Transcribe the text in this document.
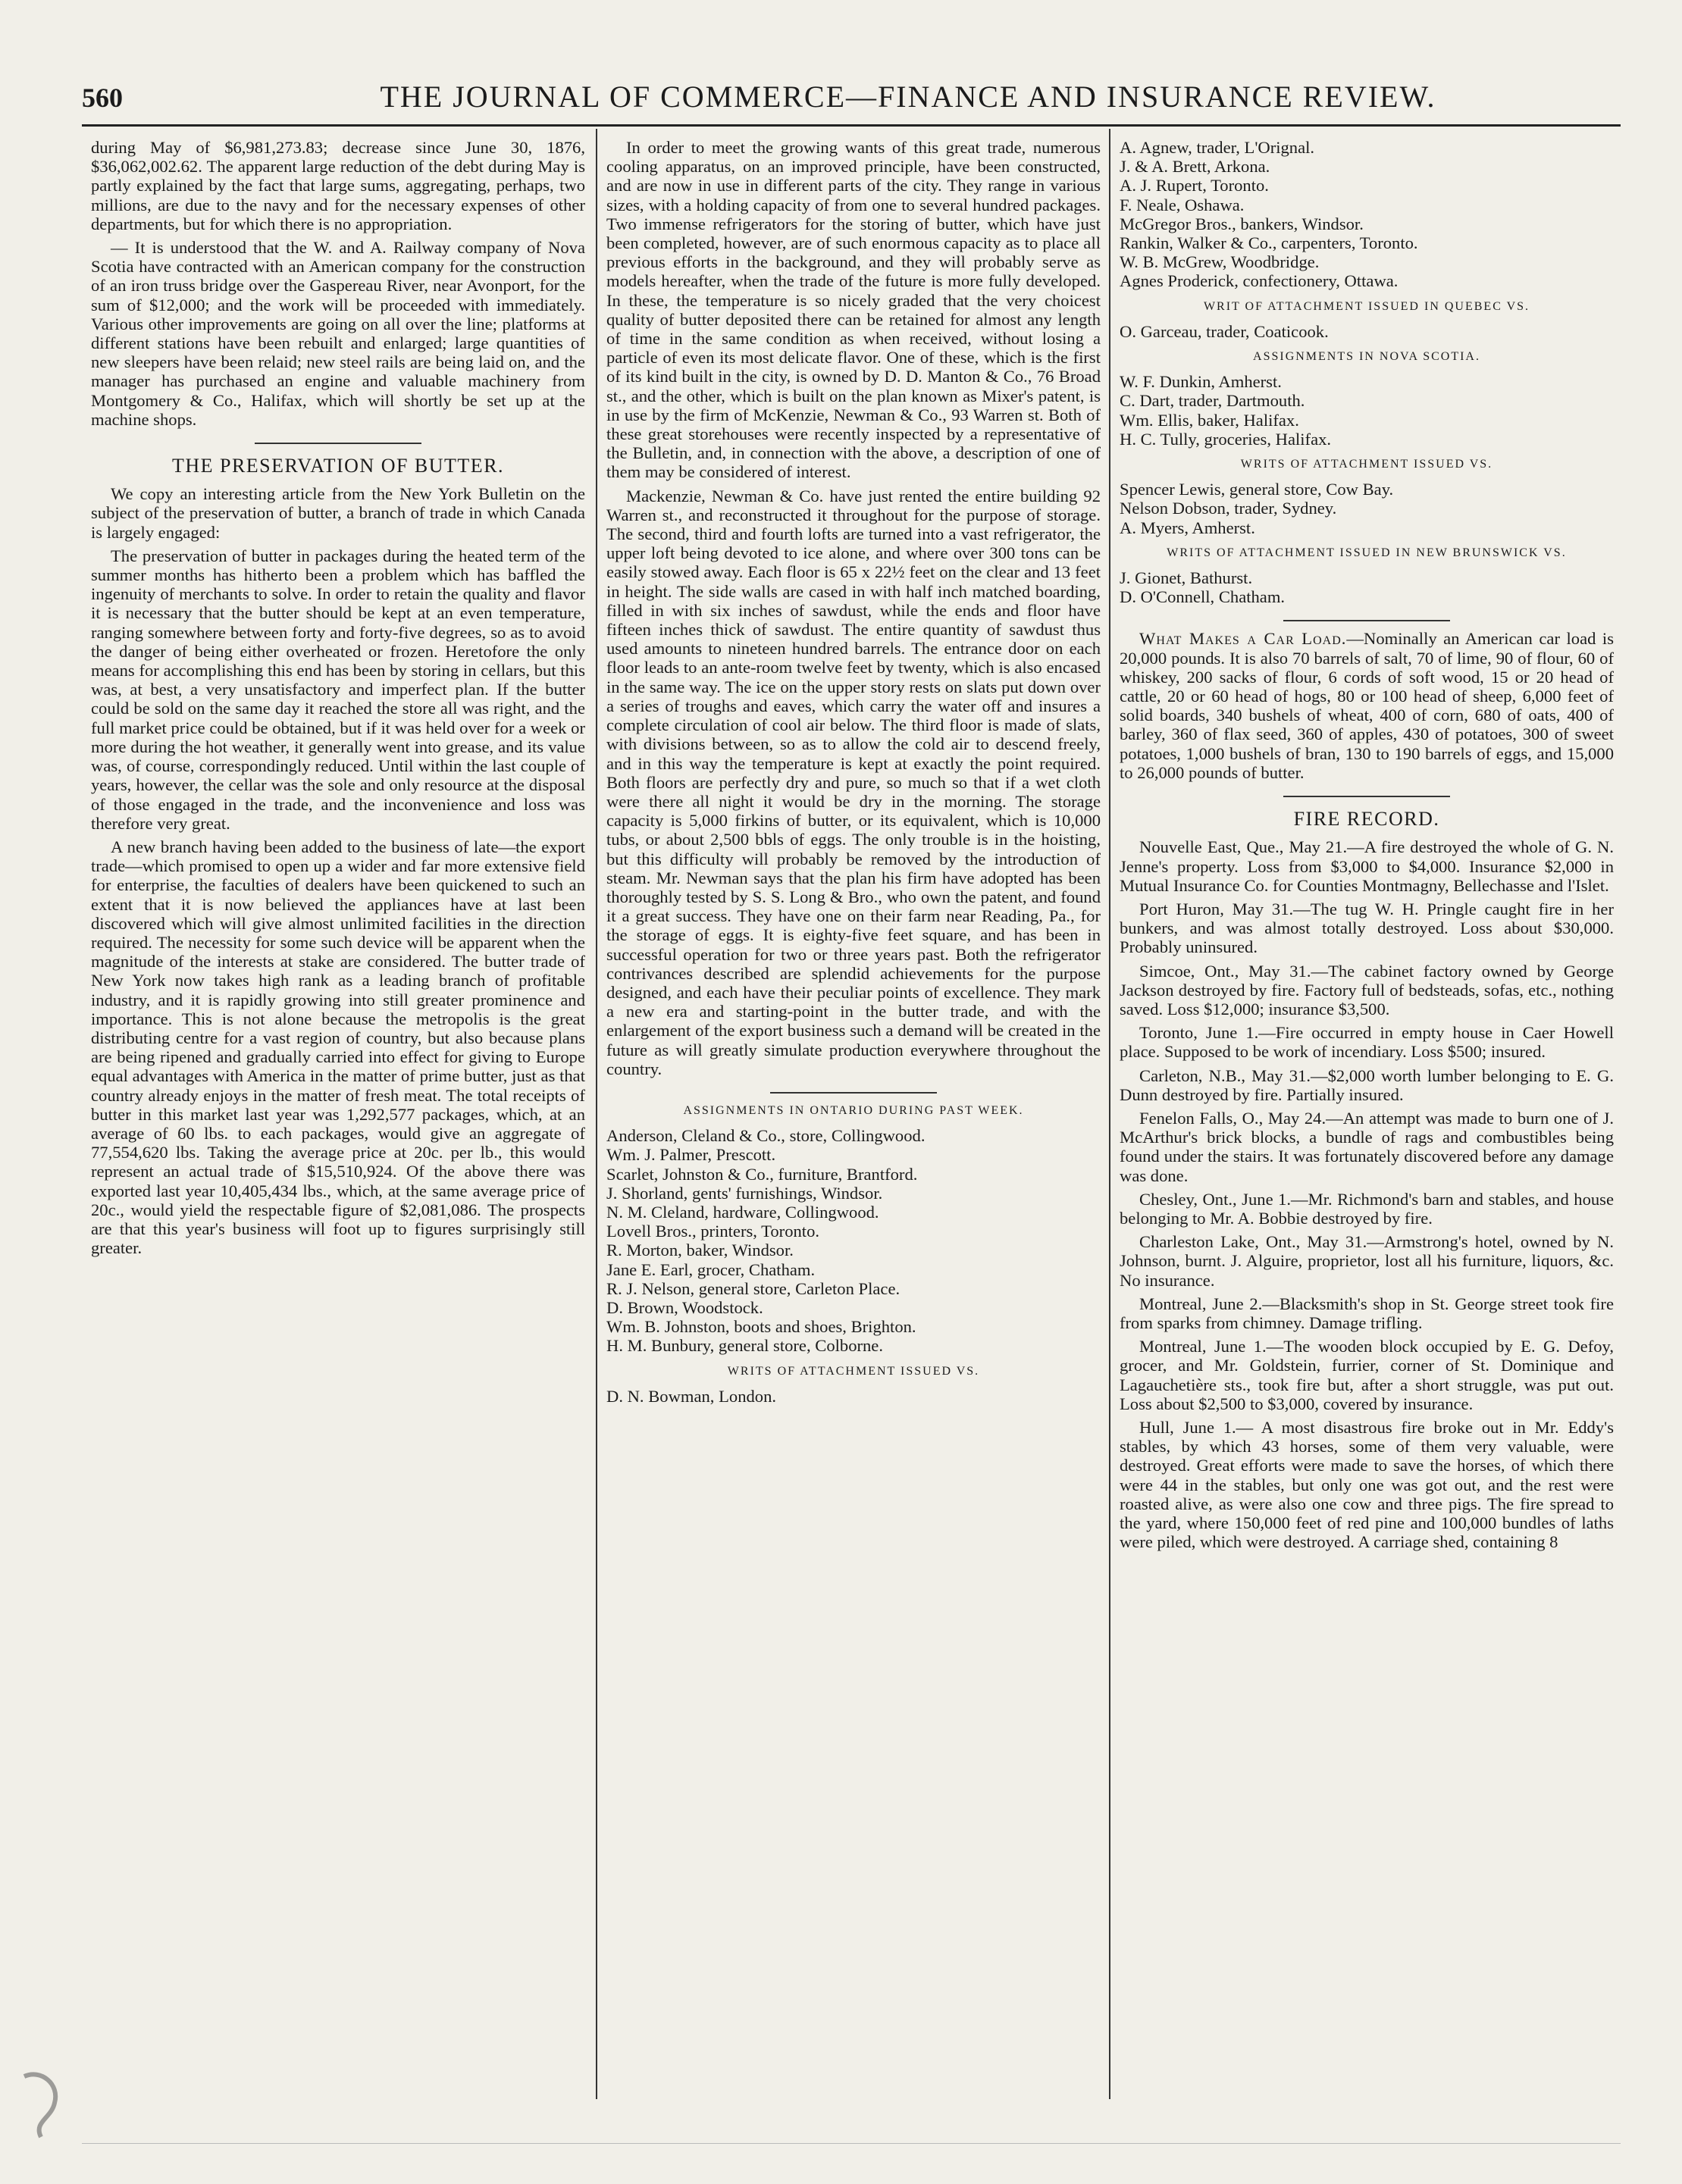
560	THE JOURNAL OF COMMERCE—FINANCE AND INSURANCE REVIEW.

during May of $6,981,273.83; decrease since June 30, 1876, $36,062,002.62. The apparent large reduction of the debt during May is partly explained by the fact that large sums, aggregating, perhaps, two millions, are due to the navy and for the necessary expenses of other departments, but for which there is no appropriation.

— It is understood that the W. and A. Railway company of Nova Scotia have contracted with an American company for the construction of an iron truss bridge over the Gaspereau River, near Avonport, for the sum of $12,000; and the work will be proceeded with immediately. Various other improvements are going on all over the line; platforms at different stations have been rebuilt and enlarged; large quantities of new sleepers have been relaid; new steel rails are being laid on, and the manager has purchased an engine and valuable machinery from Montgomery & Co., Halifax, which will shortly be set up at the machine shops.

THE PRESERVATION OF BUTTER.

We copy an interesting article from the New York Bulletin on the subject of the preservation of butter, a branch of trade in which Canada is largely engaged:

The preservation of butter in packages during the heated term of the summer months has hitherto been a problem which has baffled the ingenuity of merchants to solve. In order to retain the quality and flavor it is necessary that the butter should be kept at an even temperature, ranging somewhere between forty and forty-five degrees, so as to avoid the danger of being either overheated or frozen. Heretofore the only means for accomplishing this end has been by storing in cellars, but this was, at best, a very unsatisfactory and imperfect plan. If the butter could be sold on the same day it reached the store all was right, and the full market price could be obtained, but if it was held over for a week or more during the hot weather, it generally went into grease, and its value was, of course, correspondingly reduced. Until within the last couple of years, however, the cellar was the sole and only resource at the disposal of those engaged in the trade, and the inconvenience and loss was therefore very great.

A new branch having been added to the business of late—the export trade—which promised to open up a wider and far more extensive field for enterprise, the faculties of dealers have been quickened to such an extent that it is now believed the appliances have at last been discovered which will give almost unlimited facilities in the direction required. The necessity for some such device will be apparent when the magnitude of the interests at stake are considered. The butter trade of New York now takes high rank as a leading branch of profitable industry, and it is rapidly growing into still greater prominence and importance. This is not alone because the metropolis is the great distributing centre for a vast region of country, but also because plans are being ripened and gradually carried into effect for giving to Europe equal advantages with America in the matter of prime butter, just as that country already enjoys in the matter of fresh meat. The total receipts of butter in this market last year was 1,292,577 packages, which, at an average of 60 lbs. to each packages, would give an aggregate of 77,554,620 lbs. Taking the average price at 20c. per lb., this would represent an actual trade of $15,510,924. Of the above there was exported last year 10,405,434 lbs., which, at the same average price of 20c., would yield the respectable figure of $2,081,086. The prospects are that this year's business will foot up to figures surprisingly still greater.

In order to meet the growing wants of this great trade, numerous cooling apparatus, on an improved principle, have been constructed, and are now in use in different parts of the city. They range in various sizes, with a holding capacity of from one to several hundred packages. Two immense refrigerators for the storing of butter, which have just been completed, however, are of such enormous capacity as to place all previous efforts in the background, and they will probably serve as models hereafter, when the trade of the future is more fully developed. In these, the temperature is so nicely graded that the very choicest quality of butter deposited there can be retained for almost any length of time in the same condition as when received, without losing a particle of even its most delicate flavor. One of these, which is the first of its kind built in the city, is owned by D. D. Manton & Co., 76 Broad st., and the other, which is built on the plan known as Mixer's patent, is in use by the firm of McKenzie, Newman & Co., 93 Warren st. Both of these great storehouses were recently inspected by a representative of the Bulletin, and, in connection with the above, a description of one of them may be considered of interest.

Mackenzie, Newman & Co. have just rented the entire building 92 Warren st., and reconstructed it throughout for the purpose of storage. The second, third and fourth lofts are turned into a vast refrigerator, the upper loft being devoted to ice alone, and where over 300 tons can be easily stowed away. Each floor is 65 x 22½ feet on the clear and 13 feet in height. The side walls are cased in with half inch matched boarding, filled in with six inches of sawdust, while the ends and floor have fifteen inches thick of sawdust. The entire quantity of sawdust thus used amounts to nineteen hundred barrels. The entrance door on each floor leads to an ante-room twelve feet by twenty, which is also encased in the same way. The ice on the upper story rests on slats put down over a series of troughs and eaves, which carry the water off and insures a complete circulation of cool air below. The third floor is made of slats, with divisions between, so as to allow the cold air to descend freely, and in this way the temperature is kept at exactly the point required. Both floors are perfectly dry and pure, so much so that if a wet cloth were there all night it would be dry in the morning. The storage capacity is 5,000 firkins of butter, or its equivalent, which is 10,000 tubs, or about 2,500 bbls of eggs. The only trouble is in the hoisting, but this difficulty will probably be removed by the introduction of steam. Mr. Newman says that the plan his firm have adopted has been thoroughly tested by S. S. Long & Bro., who own the patent, and found it a great success. They have one on their farm near Reading, Pa., for the storage of eggs. It is eighty-five feet square, and has been in successful operation for two or three years past. Both the refrigerator contrivances described are splendid achievements for the purpose designed, and each have their peculiar points of excellence. They mark a new era and starting-point in the butter trade, and with the enlargement of the export business such a demand will be created in the future as will greatly simulate production everywhere throughout the country.

ASSIGNMENTS IN ONTARIO DURING PAST WEEK.
Anderson, Cleland & Co., store, Collingwood.
Wm. J. Palmer, Prescott.
Scarlet, Johnston & Co., furniture, Brantford.
J. Shorland, gents' furnishings, Windsor.
N. M. Cleland, hardware, Collingwood.
Lovell Bros., printers, Toronto.
R. Morton, baker, Windsor.
Jane E. Earl, grocer, Chatham.
R. J. Nelson, general store, Carleton Place.
D. Brown, Woodstock.
Wm. B. Johnston, boots and shoes, Brighton.
H. M. Bunbury, general store, Colborne.
WRITS OF ATTACHMENT ISSUED VS.
D. N. Bowman, London.
A. Agnew, trader, L'Orignal.
J. & A. Brett, Arkona.
A. J. Rupert, Toronto.
F. Neale, Oshawa.
McGregor Bros., bankers, Windsor.
Rankin, Walker & Co., carpenters, Toronto.
W. B. McGrew, Woodbridge.
Agnes Proderick, confectionery, Ottawa.
WRIT OF ATTACHMENT ISSUED IN QUEBEC VS.
O. Garceau, trader, Coaticook.
ASSIGNMENTS IN NOVA SCOTIA.
W. F. Dunkin, Amherst.
C. Dart, trader, Dartmouth.
Wm. Ellis, baker, Halifax.
H. C. Tully, groceries, Halifax.
WRITS OF ATTACHMENT ISSUED VS.
Spencer Lewis, general store, Cow Bay.
Nelson Dobson, trader, Sydney.
A. Myers, Amherst.
WRITS OF ATTACHMENT ISSUED IN NEW BRUNSWICK VS.
J. Gionet, Bathurst.
D. O'Connell, Chatham.

What Makes a Car Load.—Nominally an American car load is 20,000 pounds. It is also 70 barrels of salt, 70 of lime, 90 of flour, 60 of whiskey, 200 sacks of flour, 6 cords of soft wood, 15 or 20 head of cattle, 20 or 60 head of hogs, 80 or 100 head of sheep, 6,000 feet of solid boards, 340 bushels of wheat, 400 of corn, 680 of oats, 400 of barley, 360 of flax seed, 360 of apples, 430 of potatoes, 300 of sweet potatoes, 1,000 bushels of bran, 130 to 190 barrels of eggs, and 15,000 to 26,000 pounds of butter.

FIRE RECORD.

Nouvelle East, Que., May 21.—A fire destroyed the whole of G. N. Jenne's property. Loss from $3,000 to $4,000. Insurance $2,000 in Mutual Insurance Co. for Counties Montmagny, Bellechasse and l'Islet.

Port Huron, May 31.—The tug W. H. Pringle caught fire in her bunkers, and was almost totally destroyed. Loss about $30,000. Probably uninsured.

Simcoe, Ont., May 31.—The cabinet factory owned by George Jackson destroyed by fire. Factory full of bedsteads, sofas, etc., nothing saved. Loss $12,000; insurance $3,500.

Toronto, June 1.—Fire occurred in empty house in Caer Howell place. Supposed to be work of incendiary. Loss $500; insured.

Carleton, N.B., May 31.—$2,000 worth lumber belonging to E. G. Dunn destroyed by fire. Partially insured.

Fenelon Falls, O., May 24.—An attempt was made to burn one of J. McArthur's brick blocks, a bundle of rags and combustibles being found under the stairs. It was fortunately discovered before any damage was done.

Chesley, Ont., June 1.—Mr. Richmond's barn and stables, and house belonging to Mr. A. Bobbie destroyed by fire.

Charleston Lake, Ont., May 31.—Armstrong's hotel, owned by N. Johnson, burnt. J. Alguire, proprietor, lost all his furniture, liquors, &c. No insurance.

Montreal, June 2.—Blacksmith's shop in St. George street took fire from sparks from chimney. Damage trifling.

Montreal, June 1.—The wooden block occupied by E. G. Defoy, grocer, and Mr. Goldstein, furrier, corner of St. Dominique and Lagauchetière sts., took fire but, after a short struggle, was put out. Loss about $2,500 to $3,000, covered by insurance.

Hull, June 1.— A most disastrous fire broke out in Mr. Eddy's stables, by which 43 horses, some of them very valuable, were destroyed. Great efforts were made to save the horses, of which there were 44 in the stables, but only one was got out, and the rest were roasted alive, as were also one cow and three pigs. The fire spread to the yard, where 150,000 feet of red pine and 100,000 bundles of laths were piled, which were destroyed. A carriage shed, containing 8
